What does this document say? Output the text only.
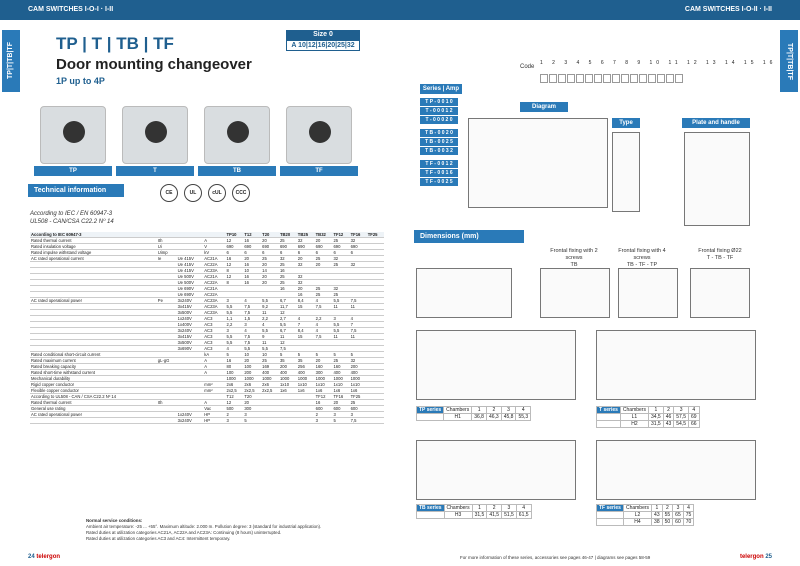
CAM SWITCHES I-O-I · I-II	CAM SWITCHES I-O-II · I-II
TP|T|TB|TF	TP|T|TB|TF
TP | T | TB | TF
Door mounting changeover
1P up to 4P
Size 0
A 10|12|16|20|25|32
TP	T	TB	TF
Technical information	CE	UL	cUL	CCC
According to IEC / EN 60947-3
UL508 - CAN/CSA C22.2 Nº 14
According to IEC 60947-3				TP10	T12	T20	TB20	TB25	TB32	TF12	TF16	TF25
Rated thermal current	Ith		A	12	16	20	25	32	20	25	32	
Rated insulation voltage	Ui		V	690	690	690	690	690	690	690	690	
Rated impulse withstand voltage	Uimp		kV	6	6	6	6	6	6	6	6	
AC rated operational current	Ie	Ue 415V	AC21A	16	20	25	32	20	25	32		
		Ue 415V	AC22A	12	16	20	25	32	20	25	32	
		Ue 415V	AC23A	8	10	14	16					
		Ue 500V	AC21A	12	16	20	25	32				
		Ue 500V	AC22A	8	16	20	25	32				
		Ue 690V	AC21A				16	20	25	32		
		Ue 690V	AC22A					16	25	25		
AC rated operational power	Pe	3x240V	AC23A	3	4	5,5	6,7	8,4	4	5,5	7,5	
		3x415V	AC23A	5,5	7,5	9,2	11,7	15	7,5	11	11	
		3x500V	AC23A	5,5	7,5	11	12					
		1x240V	AC3	1,1	1,5	2,2	2,7	4	2,2	3	4	
		1x400V	AC3	2,2	3	4	5,5	7	4	5,5	7	
		3x240V	AC3	3	4	5,5	6,7	8,4	4	5,5	7,5	
		3x415V	AC3	5,5	7,5	9	11	15	7,5	11	11	
		3x500V	AC3	5,5	7,5	11	12					
		3x690V	AC3	4	5,5	5,5	7,5					
Rated conditional short-circuit current			kA	5	10	10	5	5	5	5	5	
Rated maximum current	gL-gG		A	16	20	25	35	35	20	25	32	
Rated breaking capacity			A	80	100	169	200	256	160	160	200	
Rated short-time withstand current			A	100	200	400	400	400	300	400	400	
Mechanical durability				1000	1000	1000	1000	1000	1000	1000	1000	
Rigid copper conductor			mm²	2x6	2x6	2x6	1x10	1x10	1x10	1x10	1x10	
Flexible copper conductor			mm²	2x2,5	2x2,5	2x2,5	1x6	1x6	1x6	1x6	1x6	
According to UL508 - CAN / CSA C22.2 Nº 14				T12	T20				TF12	TF16	TF25	
Rated thermal current	Ith		A	12	20				16	20	25	
General use rating			Vac	500	300				600	600	600	
AC rated operational power		1x240V	HP	2	3				2	3	3	
		3x240V	HP	3	5				3	5	7,5	
Normal service conditions:
Ambient air temperature: -25 ... +55°. Maximum altitude: 2.000 m. Pollution degree: 3 (standard for industrial application).
Rated duties at utilization categories AC21A, AC22A and AC23A: Continuing (8 hours) uninterrupted.
Rated duties at utilization categories AC3 and AC4: Intermittent temporary.
24 telergon	telergon 25
Code
1 2 3 4 5 6 7 8 9 10 11 12 13 14 15 16
Series | Amp
T P - 0 0 1 0
T - 0 0 0 1 2
T - 0 0 0 2 0
T B - 0 0 2 0
T B - 0 0 2 5
T B - 0 0 3 2
T F - 0 0 1 2
T F - 0 0 1 6
T F - 0 0 2 5
Diagram
Type	Plate and handle
Dimensions (mm)
Frontal fixing with 2 screws
TB
Frontal fixing with 4 screws
TB - TF - TP
Frontal fixing Ø22
T - TB - TF
TP series	Chambers	1	2	3	4
	H1	36,8	46,3	45,8	55,3
T series	Chambers	1	2	3	4
	L1	34,5	46	57,5	69
	H2	31,5	43	54,5	66
TB series	Chambers	1	2	3	4
	H3	31,5	41,5	51,5	61,5
TF series	Chambers	1	2	3	4
	L2	43	55	65	75
	H4	38	50	60	70
For more information of these series, accessories see pages 46-47 | diagrams see pages 58-59
